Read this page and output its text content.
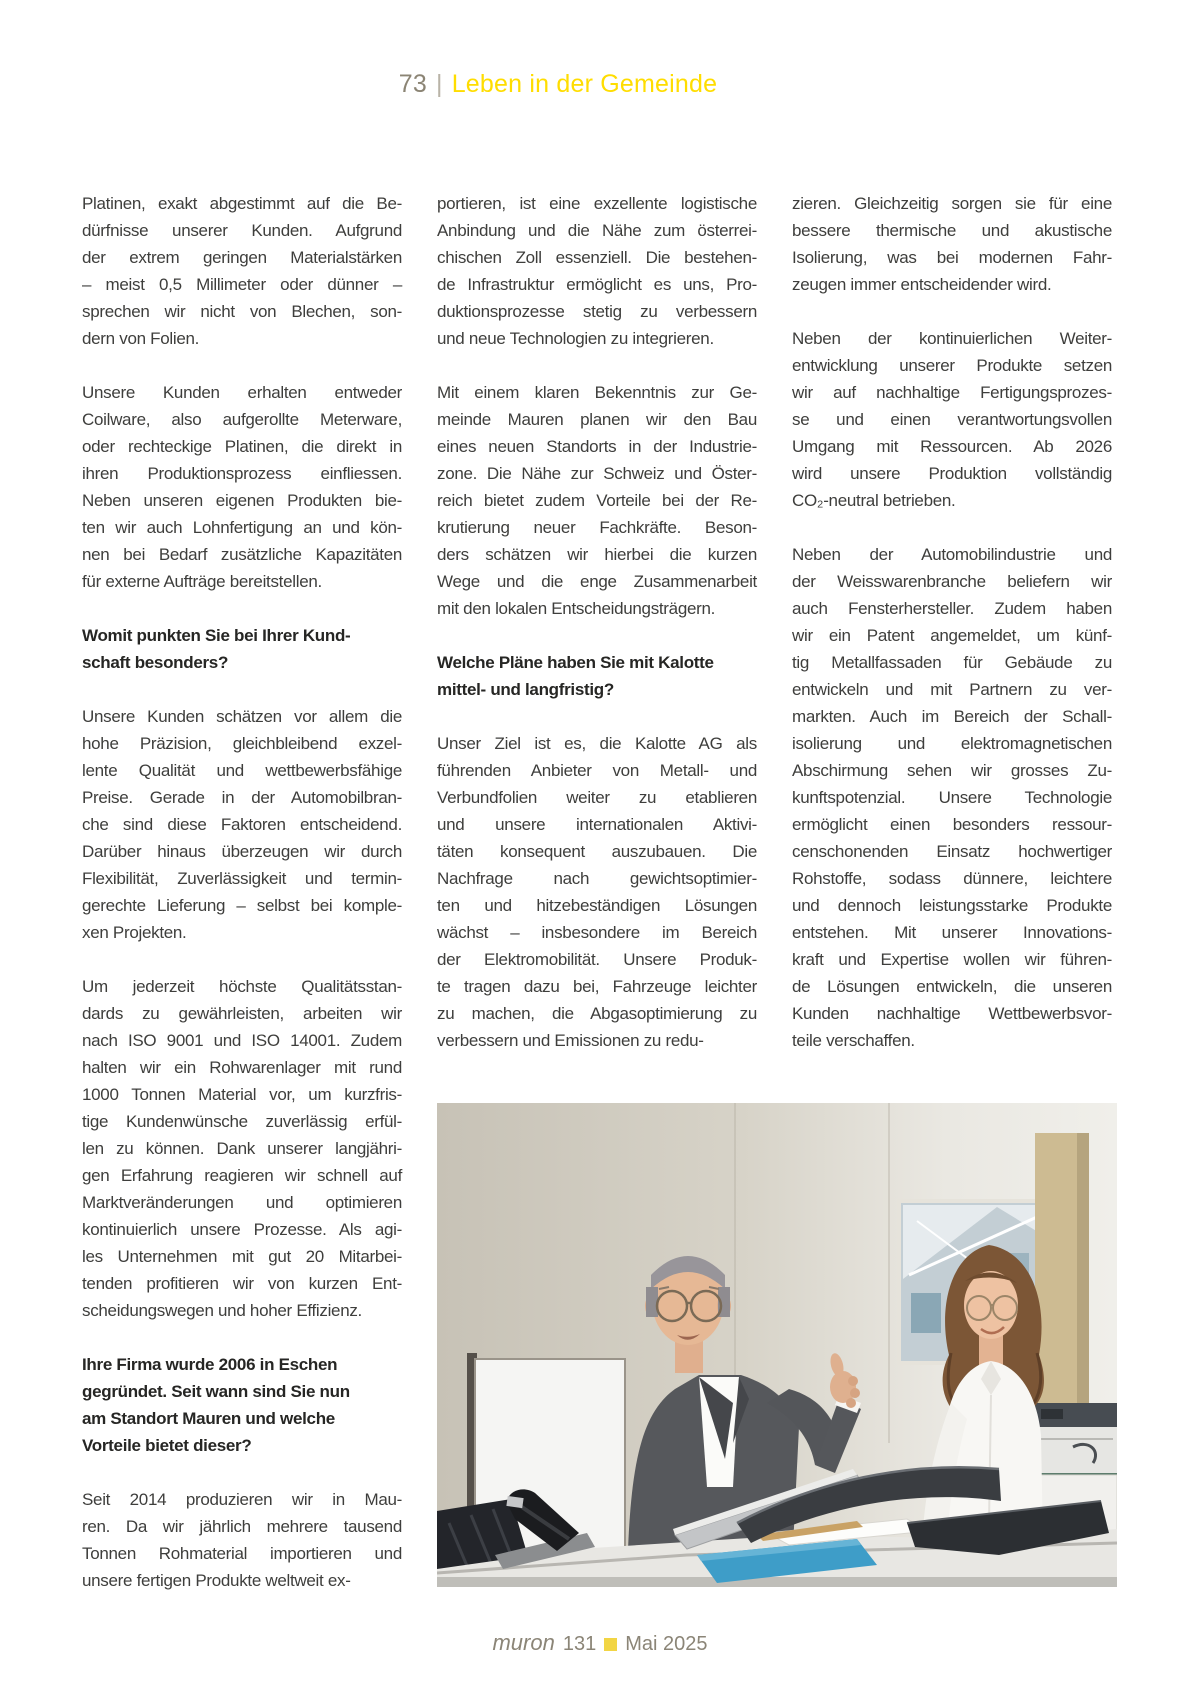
73 | Leben in der Gemeinde
Platinen, exakt abgestimmt auf die Be-
dürfnisse unserer Kunden. Aufgrund
der extrem geringen Materialstärken
– meist 0,5 Millimeter oder dünner –
sprechen wir nicht von Blechen, son-
dern von Folien.
Unsere Kunden erhalten entweder
Coilware, also aufgerollte Meterware,
oder rechteckige Platinen, die direkt in
ihren Produktionsprozess einfliessen.
Neben unseren eigenen Produkten bie-
ten wir auch Lohnfertigung an und kön-
nen bei Bedarf zusätzliche Kapazitäten
für externe Aufträge bereitstellen.
Womit punkten Sie bei Ihrer Kund-
schaft besonders?
Unsere Kunden schätzen vor allem die
hohe Präzision, gleichbleibend exzel-
lente Qualität und wettbewerbsfähige
Preise. Gerade in der Automobilbran-
che sind diese Faktoren entscheidend.
Darüber hinaus überzeugen wir durch
Flexibilität, Zuverlässigkeit und termin-
gerechte Lieferung – selbst bei komple-
xen Projekten.
Um jederzeit höchste Qualitätsstan-
dards zu gewährleisten, arbeiten wir
nach ISO 9001 und ISO 14001. Zudem
halten wir ein Rohwarenlager mit rund
1000 Tonnen Material vor, um kurzfris-
tige Kundenwünsche zuverlässig erfül-
len zu können. Dank unserer langjähri-
gen Erfahrung reagieren wir schnell auf
Marktveränderungen und optimieren
kontinuierlich unsere Prozesse. Als agi-
les Unternehmen mit gut 20 Mitarbei-
tenden profitieren wir von kurzen Ent-
scheidungswegen und hoher Effizienz.
Ihre Firma wurde 2006 in Eschen
gegründet. Seit wann sind Sie nun
am Standort Mauren und welche
Vorteile bietet dieser?
Seit 2014 produzieren wir in Mau-
ren. Da wir jährlich mehrere tausend
Tonnen Rohmaterial importieren und
unsere fertigen Produkte weltweit ex-
portieren, ist eine exzellente logistische
Anbindung und die Nähe zum österrei-
chischen Zoll essenziell. Die bestehen-
de Infrastruktur ermöglicht es uns, Pro-
duktionsprozesse stetig zu verbessern
und neue Technologien zu integrieren.
Mit einem klaren Bekenntnis zur Ge-
meinde Mauren planen wir den Bau
eines neuen Standorts in der Industrie-
zone. Die Nähe zur Schweiz und Öster-
reich bietet zudem Vorteile bei der Re-
krutierung neuer Fachkräfte. Beson-
ders schätzen wir hierbei die kurzen
Wege und die enge Zusammenarbeit
mit den lokalen Entscheidungsträgern.
Welche Pläne haben Sie mit Kalotte
mittel- und langfristig?
Unser Ziel ist es, die Kalotte AG als
führenden Anbieter von Metall- und
Verbundfolien weiter zu etablieren
und unsere internationalen Aktivi-
täten konsequent auszubauen. Die
Nachfrage nach gewichtsoptimier-
ten und hitzebeständigen Lösungen
wächst – insbesondere im Bereich
der Elektromobilität. Unsere Produk-
te tragen dazu bei, Fahrzeuge leichter
zu machen, die Abgasoptimierung zu
verbessern und Emissionen zu redu-
zieren. Gleichzeitig sorgen sie für eine
bessere thermische und akustische
Isolierung, was bei modernen Fahr-
zeugen immer entscheidender wird.
Neben der kontinuierlichen Weiter-
entwicklung unserer Produkte setzen
wir auf nachhaltige Fertigungsprozes-
se und einen verantwortungsvollen
Umgang mit Ressourcen. Ab 2026
wird unsere Produktion vollständig
CO₂-neutral betrieben.
Neben der Automobilindustrie und
der Weisswarenbranche beliefern wir
auch Fensterhersteller. Zudem haben
wir ein Patent angemeldet, um künf-
tig Metallfassaden für Gebäude zu
entwickeln und mit Partnern zu ver-
markten. Auch im Bereich der Schall-
isolierung und elektromagnetischen
Abschirmung sehen wir grosses Zu-
kunftspotenzial. Unsere Technologie
ermöglicht einen besonders ressour-
censchonenden Einsatz hochwertiger
Rohstoffe, sodass dünnere, leichtere
und dennoch leistungsstarke Produkte
entstehen. Mit unserer Innovations-
kraft und Expertise wollen wir führen-
de Lösungen entwickeln, die unseren
Kunden nachhaltige Wettbewerbsvor-
teile verschaffen.
muron 131 Mai 2025
